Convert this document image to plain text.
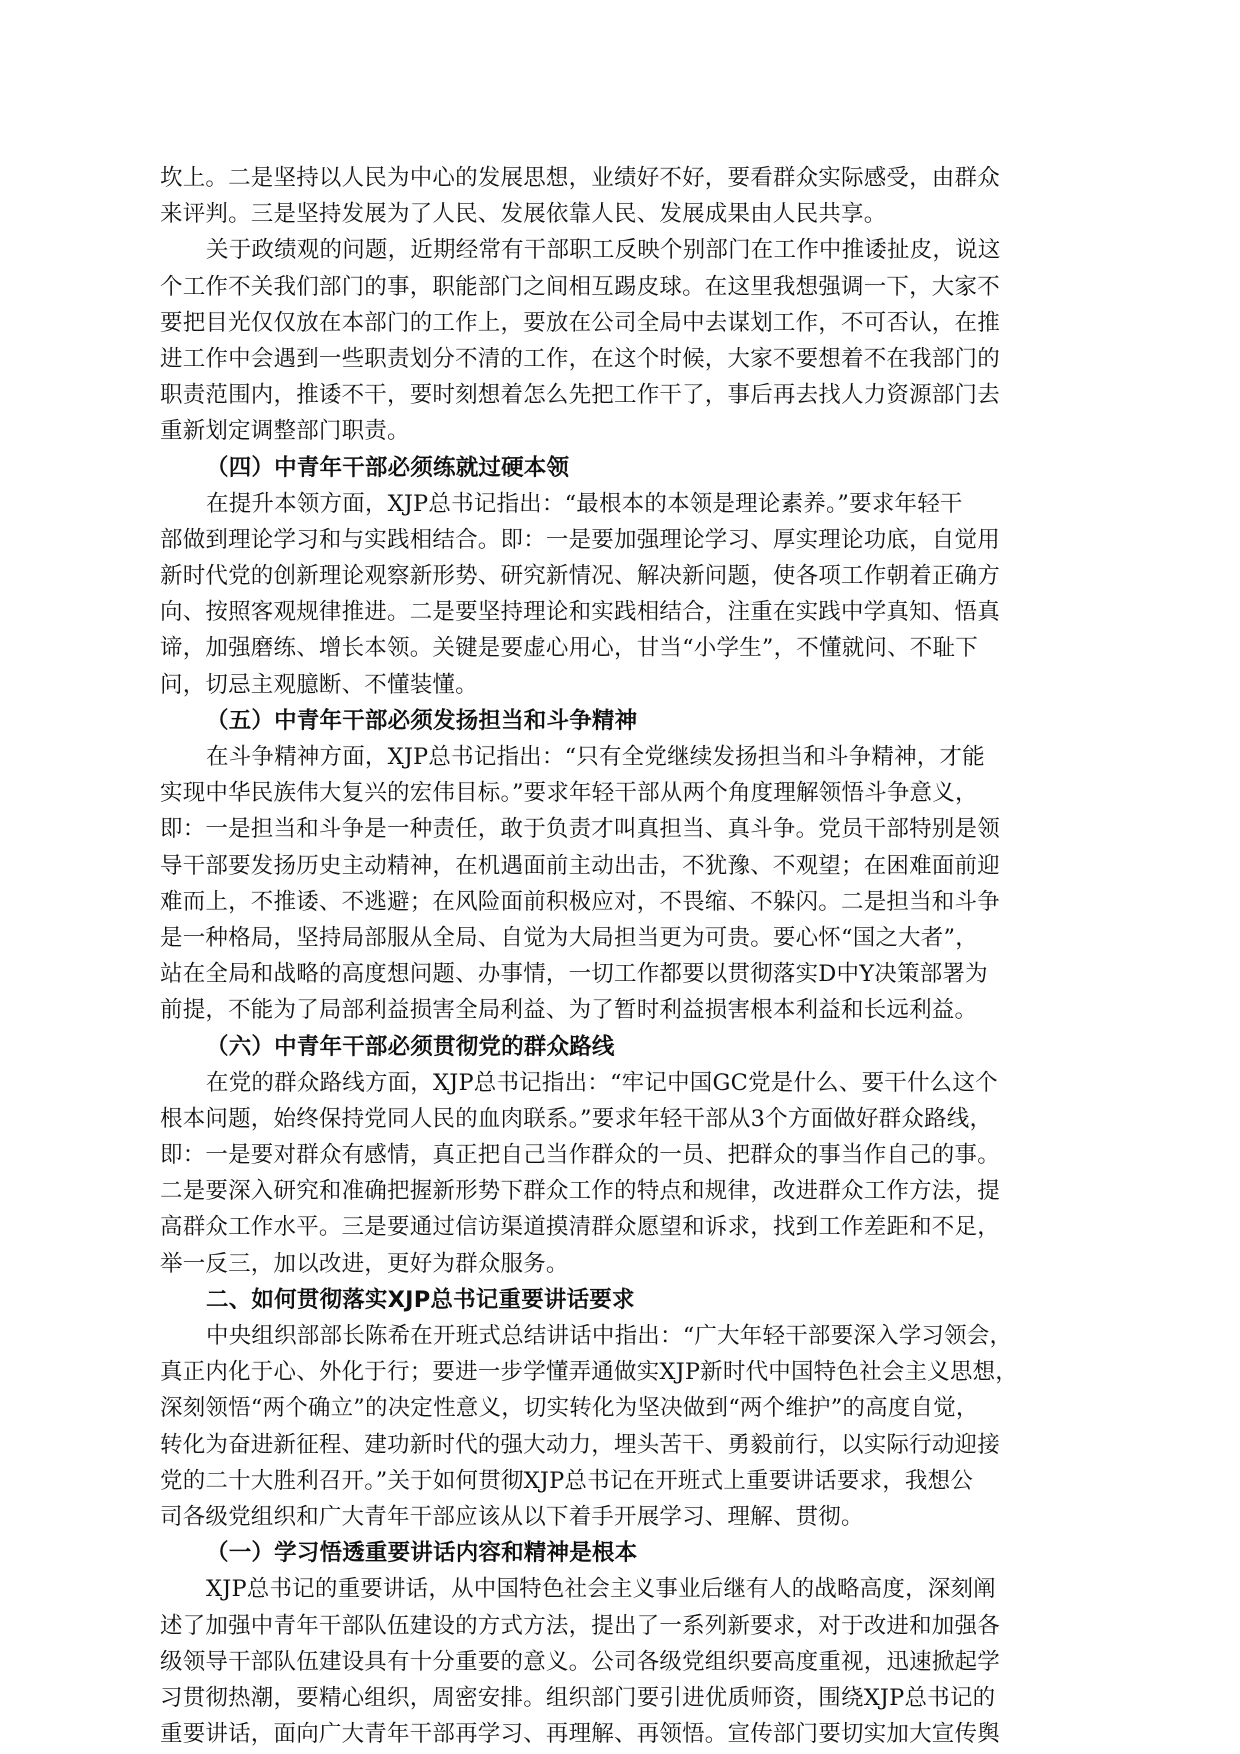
坎上。二是坚持以人民为中心的发展思想，业绩好不好，要看群众实际感受，由群众
来评判。三是坚持发展为了人民、发展依靠人民、发展成果由人民共享。
关于政绩观的问题，近期经常有干部职工反映个别部门在工作中推诿扯皮，说这
个工作不关我们部门的事，职能部门之间相互踢皮球。在这里我想强调一下，大家不
要把目光仅仅放在本部门的工作上，要放在公司全局中去谋划工作，不可否认，在推
进工作中会遇到一些职责划分不清的工作，在这个时候，大家不要想着不在我部门的
职责范围内，推诿不干，要时刻想着怎么先把工作干了，事后再去找人力资源部门去
重新划定调整部门职责。
（四）中青年干部必须练就过硬本领
在提升本领方面，XJP总书记指出：“最根本的本领是理论素养。”要求年轻干
部做到理论学习和与实践相结合。即：一是要加强理论学习、厚实理论功底，自觉用
新时代党的创新理论观察新形势、研究新情况、解决新问题，使各项工作朝着正确方
向、按照客观规律推进。二是要坚持理论和实践相结合，注重在实践中学真知、悟真
谛，加强磨练、增长本领。关键是要虚心用心，甘当“小学生”，不懂就问、不耻下
问，切忌主观臆断、不懂装懂。
（五）中青年干部必须发扬担当和斗争精神
在斗争精神方面，XJP总书记指出：“只有全党继续发扬担当和斗争精神，才能
实现中华民族伟大复兴的宏伟目标。”要求年轻干部从两个角度理解领悟斗争意义，
即：一是担当和斗争是一种责任，敢于负责才叫真担当、真斗争。党员干部特别是领
导干部要发扬历史主动精神，在机遇面前主动出击，不犹豫、不观望；在困难面前迎
难而上，不推诿、不逃避；在风险面前积极应对，不畏缩、不躲闪。二是担当和斗争
是一种格局，坚持局部服从全局、自觉为大局担当更为可贵。要心怀“国之大者”，
站在全局和战略的高度想问题、办事情，一切工作都要以贯彻落实D中Y决策部署为
前提，不能为了局部利益损害全局利益、为了暂时利益损害根本利益和长远利益。
（六）中青年干部必须贯彻党的群众路线
在党的群众路线方面，XJP总书记指出：“牢记中国GC党是什么、要干什么这个
根本问题，始终保持党同人民的血肉联系。”要求年轻干部从3个方面做好群众路线，
即：一是要对群众有感情，真正把自己当作群众的一员、把群众的事当作自己的事。
二是要深入研究和准确把握新形势下群众工作的特点和规律，改进群众工作方法，提
高群众工作水平。三是要通过信访渠道摸清群众愿望和诉求，找到工作差距和不足，
举一反三，加以改进，更好为群众服务。
二、如何贯彻落实XJP总书记重要讲话要求
中央组织部部长陈希在开班式总结讲话中指出：“广大年轻干部要深入学习领会，
真正内化于心、外化于行；要进一步学懂弄通做实XJP新时代中国特色社会主义思想，
深刻领悟“两个确立”的决定性意义，切实转化为坚决做到“两个维护”的高度自觉，
转化为奋进新征程、建功新时代的强大动力，埋头苦干、勇毅前行，以实际行动迎接
党的二十大胜利召开。”关于如何贯彻XJP总书记在开班式上重要讲话要求，我想公
司各级党组织和广大青年干部应该从以下着手开展学习、理解、贯彻。
（一）学习悟透重要讲话内容和精神是根本
XJP总书记的重要讲话，从中国特色社会主义事业后继有人的战略高度，深刻阐
述了加强中青年干部队伍建设的方式方法，提出了一系列新要求，对于改进和加强各
级领导干部队伍建设具有十分重要的意义。公司各级党组织要高度重视，迅速掀起学
习贯彻热潮，要精心组织，周密安排。组织部门要引进优质师资，围绕XJP总书记的
重要讲话，面向广大青年干部再学习、再理解、再领悟。宣传部门要切实加大宣传舆
